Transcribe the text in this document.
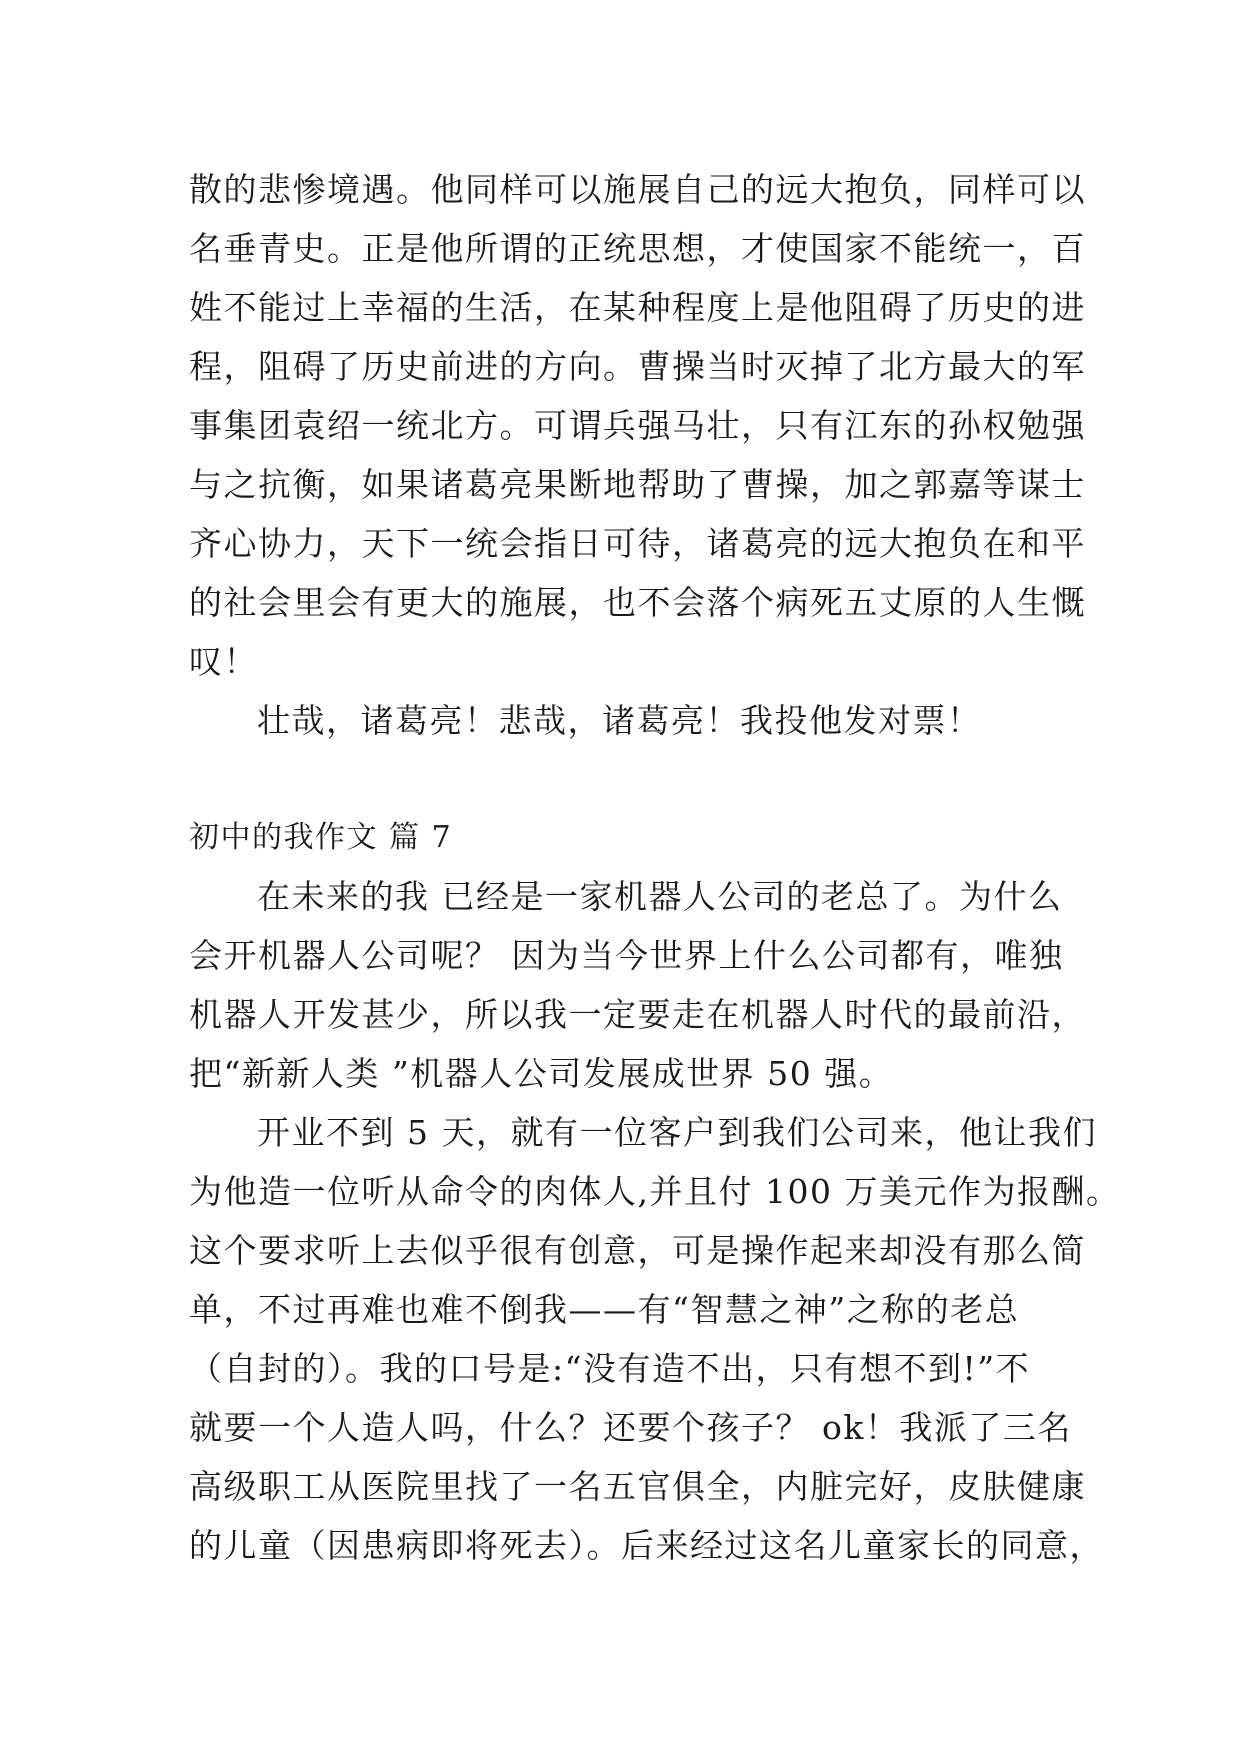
散的悲惨境遇。他同样可以施展自己的远大抱负，同样可以
名垂青史。正是他所谓的正统思想，才使国家不能统一，百
姓不能过上幸福的生活，在某种程度上是他阻碍了历史的进
程，阻碍了历史前进的方向。曹操当时灭掉了北方最大的军
事集团袁绍一统北方。可谓兵强马壮，只有江东的孙权勉强
与之抗衡，如果诸葛亮果断地帮助了曹操，加之郭嘉等谋士
齐心协力，天下一统会指日可待，诸葛亮的远大抱负在和平
的社会里会有更大的施展，也不会落个病死五丈原的人生慨
叹！
壮哉，诸葛亮！悲哉，诸葛亮！我投他发对票！
初中的我作文 篇 7
在未来的我 已经是一家机器人公司的老总了。为什么
会开机器人公司呢？ 因为当今世界上什么公司都有，唯独
机器人开发甚少，所以我一定要走在机器人时代的最前沿，
把“新新人类 ”机器人公司发展成世界 50 强。
开业不到 5 天，就有一位客户到我们公司来，他让我们
为他造一位听从命令的肉体人,并且付 100 万美元作为报酬。
这个要求听上去似乎很有创意，可是操作起来却没有那么简
单，不过再难也难不倒我——有“智慧之神”之称的老总
（自封的）。我的口号是:“没有造不出，只有想不到!”不
就要一个人造人吗，什么？还要个孩子？ ok！我派了三名
高级职工从医院里找了一名五官俱全，内脏完好，皮肤健康
的儿童（因患病即将死去）。后来经过这名儿童家长的同意，
